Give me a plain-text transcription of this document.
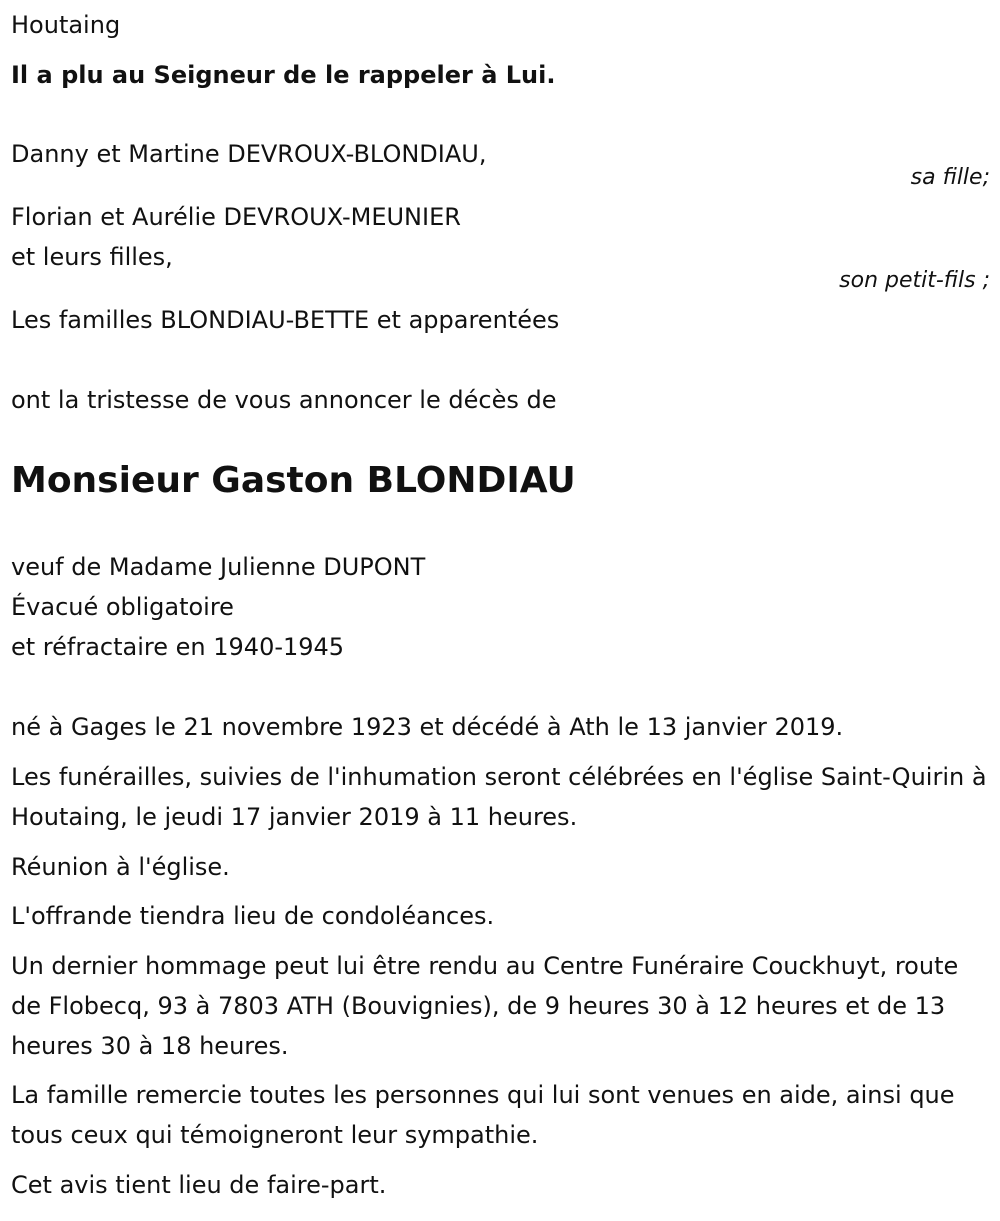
Houtaing

Il a plu au Seigneur de le rappeler à Lui.

Danny et Martine DEVROUX-BLONDIAU,

sa fille;

Florian et Aurélie DEVROUX-MEUNIER

et leurs filles,

son petit-fils ;

Les familles BLONDIAU-BETTE et apparentées

ont la tristesse de vous annoncer le décès de

Monsieur Gaston BLONDIAU

veuf de Madame Julienne DUPONT

Évacué obligatoire

et réfractaire en 1940-1945

né à Gages le 21 novembre 1923 et décédé à Ath le 13 janvier 2019.

Les funérailles, suivies de l'inhumation seront célébrées en l'église Saint-Quirin à Houtaing, le jeudi 17 janvier 2019 à 11 heures.

Réunion à l'église.

L'offrande tiendra lieu de condoléances.

Un dernier hommage peut lui être rendu au Centre Funéraire Couckhuyt, route de Flobecq, 93 à 7803 ATH (Bouvignies), de 9 heures 30 à 12 heures et de 13 heures 30 à 18 heures.

La famille remercie toutes les personnes qui lui sont venues en aide, ainsi que tous ceux qui témoigneront leur sympathie.

Cet avis tient lieu de faire-part.
